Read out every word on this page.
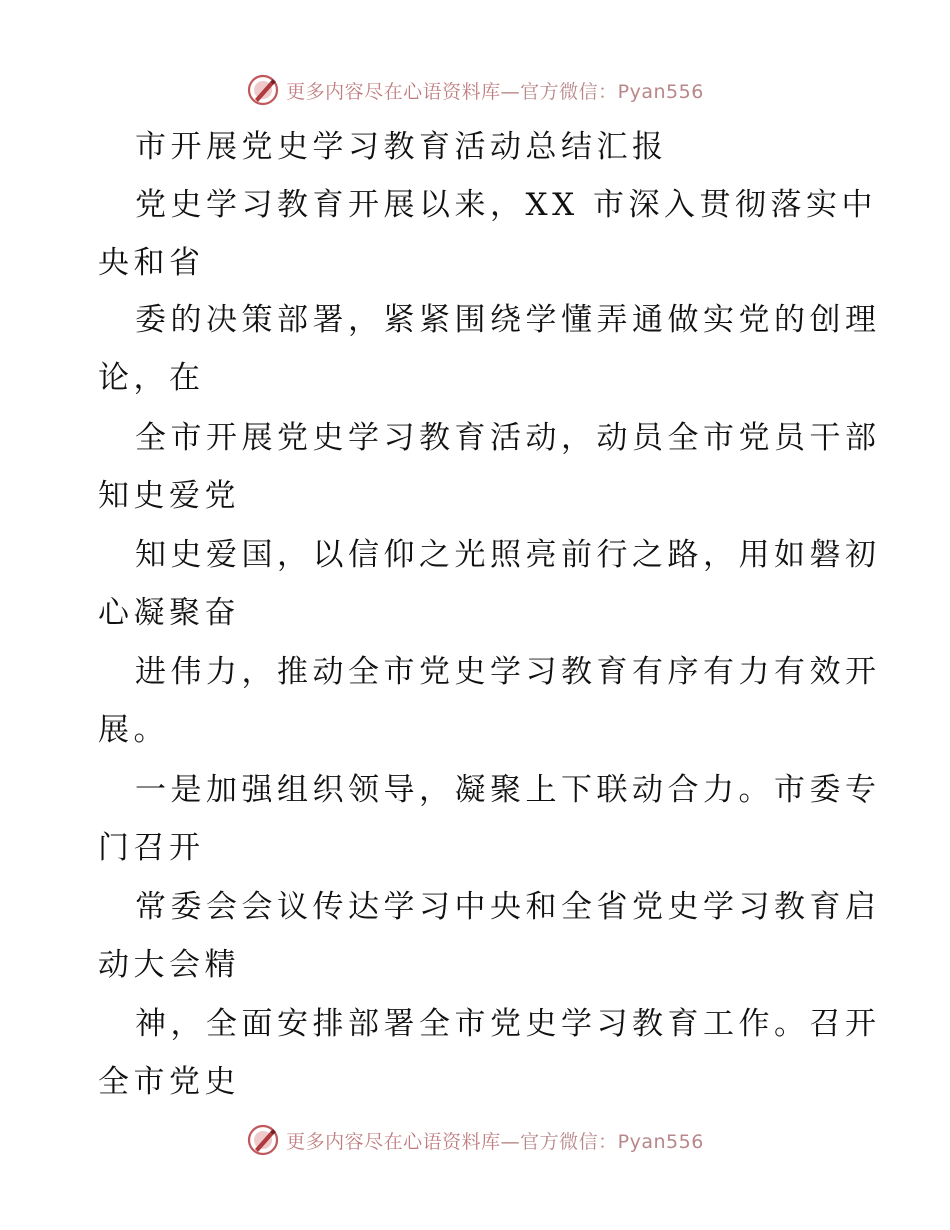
更多内容尽在心语资料库—官方微信：Pyan556
市开展党史学习教育活动总结汇报
党史学习教育开展以来，XX 市深入贯彻落实中
央和省
委的决策部署，紧紧围绕学懂弄通做实党的创理
论，在
全市开展党史学习教育活动，动员全市党员干部
知史爱党
知史爱国，以信仰之光照亮前行之路，用如磐初
心凝聚奋
进伟力，推动全市党史学习教育有序有力有效开
展。
一是加强组织领导，凝聚上下联动合力。市委专
门召开
常委会会议传达学习中央和全省党史学习教育启
动大会精
神，全面安排部署全市党史学习教育工作。召开
全市党史
更多内容尽在心语资料库—官方微信：Pyan556
